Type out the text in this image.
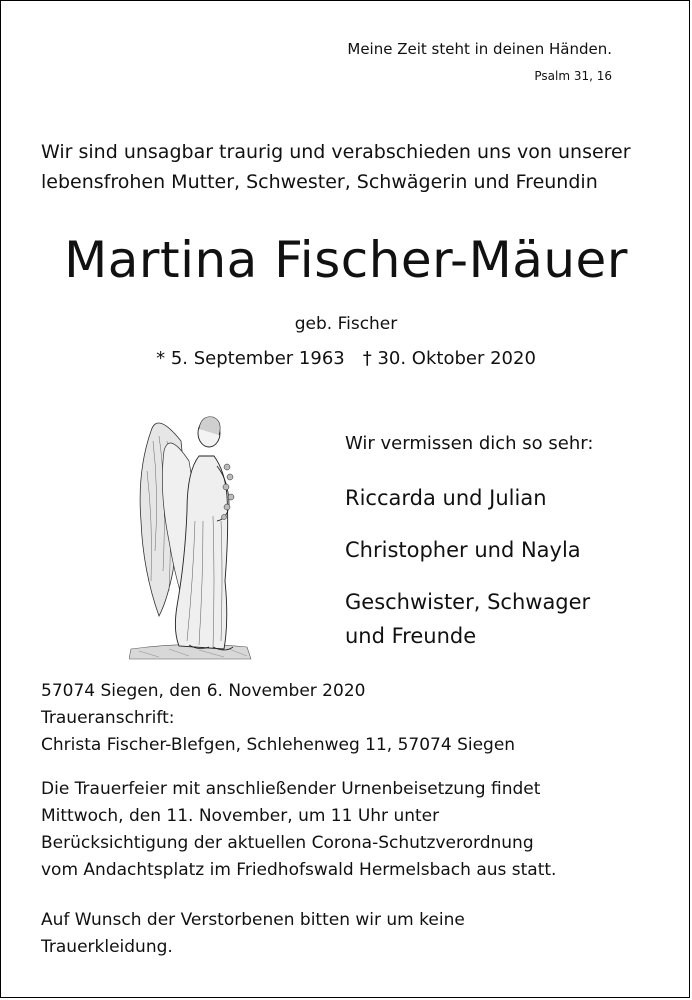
Meine Zeit steht in deinen Händen.
Psalm 31, 16
Wir sind unsagbar traurig und verabschieden uns von unserer
lebensfrohen Mutter, Schwester, Schwägerin und Freundin
Martina Fischer-Mäuer
geb. Fischer
* 5. September 1963 † 30. Oktober 2020
Wir vermissen dich so sehr:
Riccarda und Julian
Christopher und Nayla
Geschwister, Schwager
und Freunde
57074 Siegen, den 6. November 2020
Traueranschrift:
Christa Fischer-Blefgen, Schlehenweg 11, 57074 Siegen
Die Trauerfeier mit anschließender Urnenbeisetzung findet
Mittwoch, den 11. November, um 11 Uhr unter
Berücksichtigung der aktuellen Corona-Schutzverordnung
vom Andachtsplatz im Friedhofswald Hermelsbach aus statt.
Auf Wunsch der Verstorbenen bitten wir um keine
Trauerkleidung.
